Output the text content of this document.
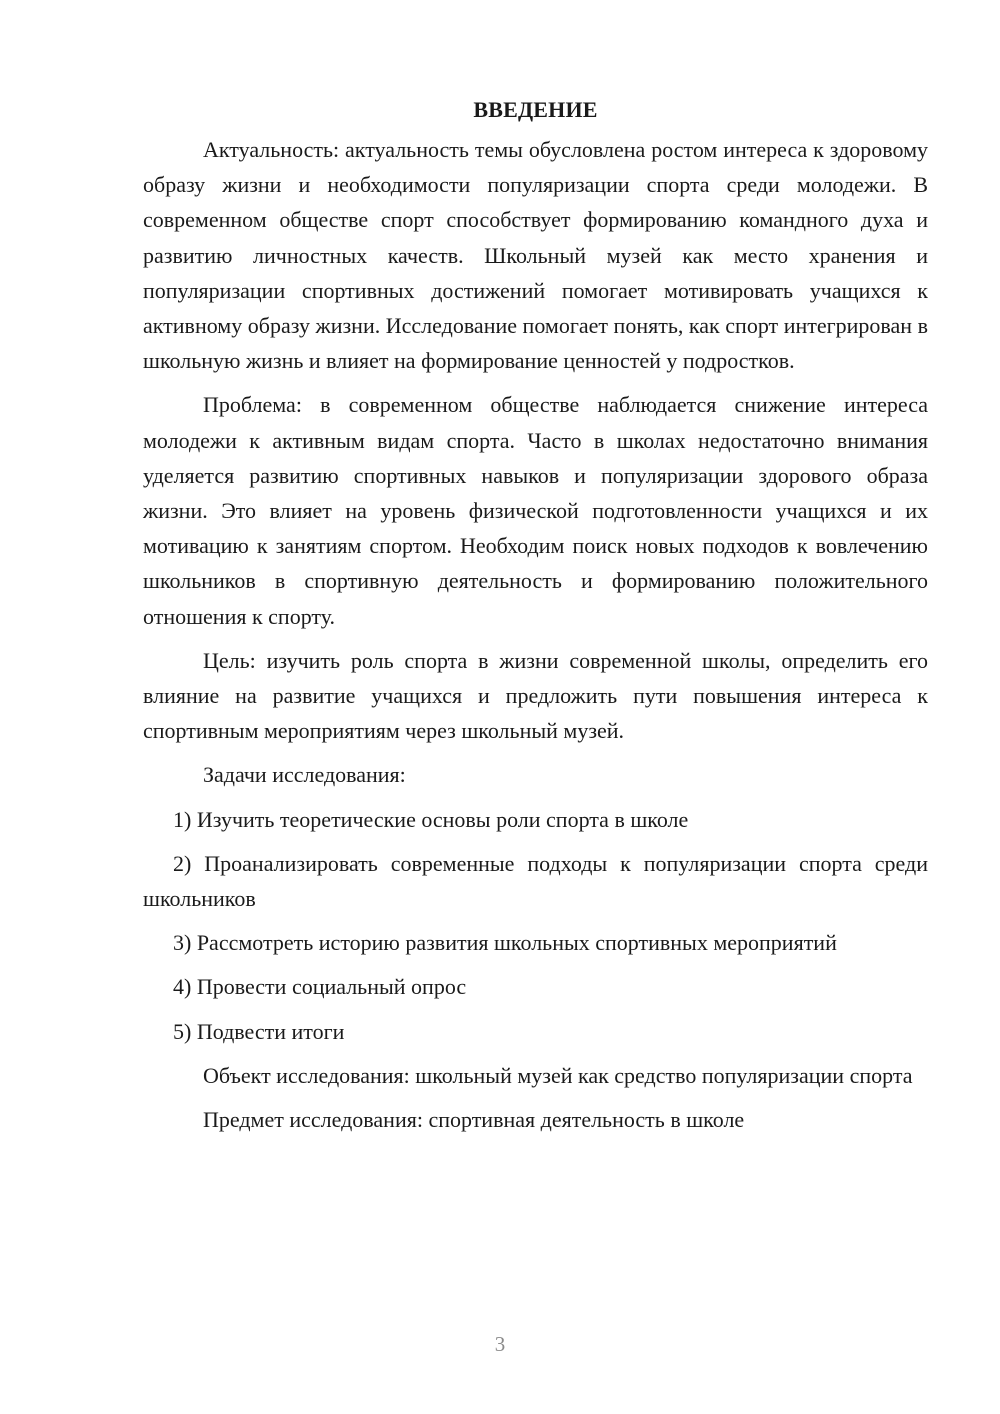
ВВЕДЕНИЕ

Актуальность: актуальность темы обусловлена ростом интереса к здоровому образу жизни и необходимости популяризации спорта среди молодежи. В современном обществе спорт способствует формированию командного духа и развитию личностных качеств. Школьный музей как место хранения и популяризации спортивных достижений помогает мотивировать учащихся к активному образу жизни. Исследование помогает понять, как спорт интегрирован в школьную жизнь и влияет на формирование ценностей у подростков.

Проблема: в современном обществе наблюдается снижение интереса молодежи к активным видам спорта. Часто в школах недостаточно внимания уделяется развитию спортивных навыков и популяризации здорового образа жизни. Это влияет на уровень физической подготовленности учащихся и их мотивацию к занятиям спортом. Необходим поиск новых подходов к вовлечению школьников в спортивную деятельность и формированию положительного отношения к спорту.

Цель: изучить роль спорта в жизни современной школы, определить его влияние на развитие учащихся и предложить пути повышения интереса к спортивным мероприятиям через школьный музей.

Задачи исследования:

1) Изучить теоретические основы роли спорта в школе

2) Проанализировать современные подходы к популяризации спорта среди школьников

3) Рассмотреть историю развития школьных спортивных мероприятий

4) Провести социальный опрос

5) Подвести итоги

Объект исследования: школьный музей как средство популяризации спорта

Предмет исследования: спортивная деятельность в школе

3
